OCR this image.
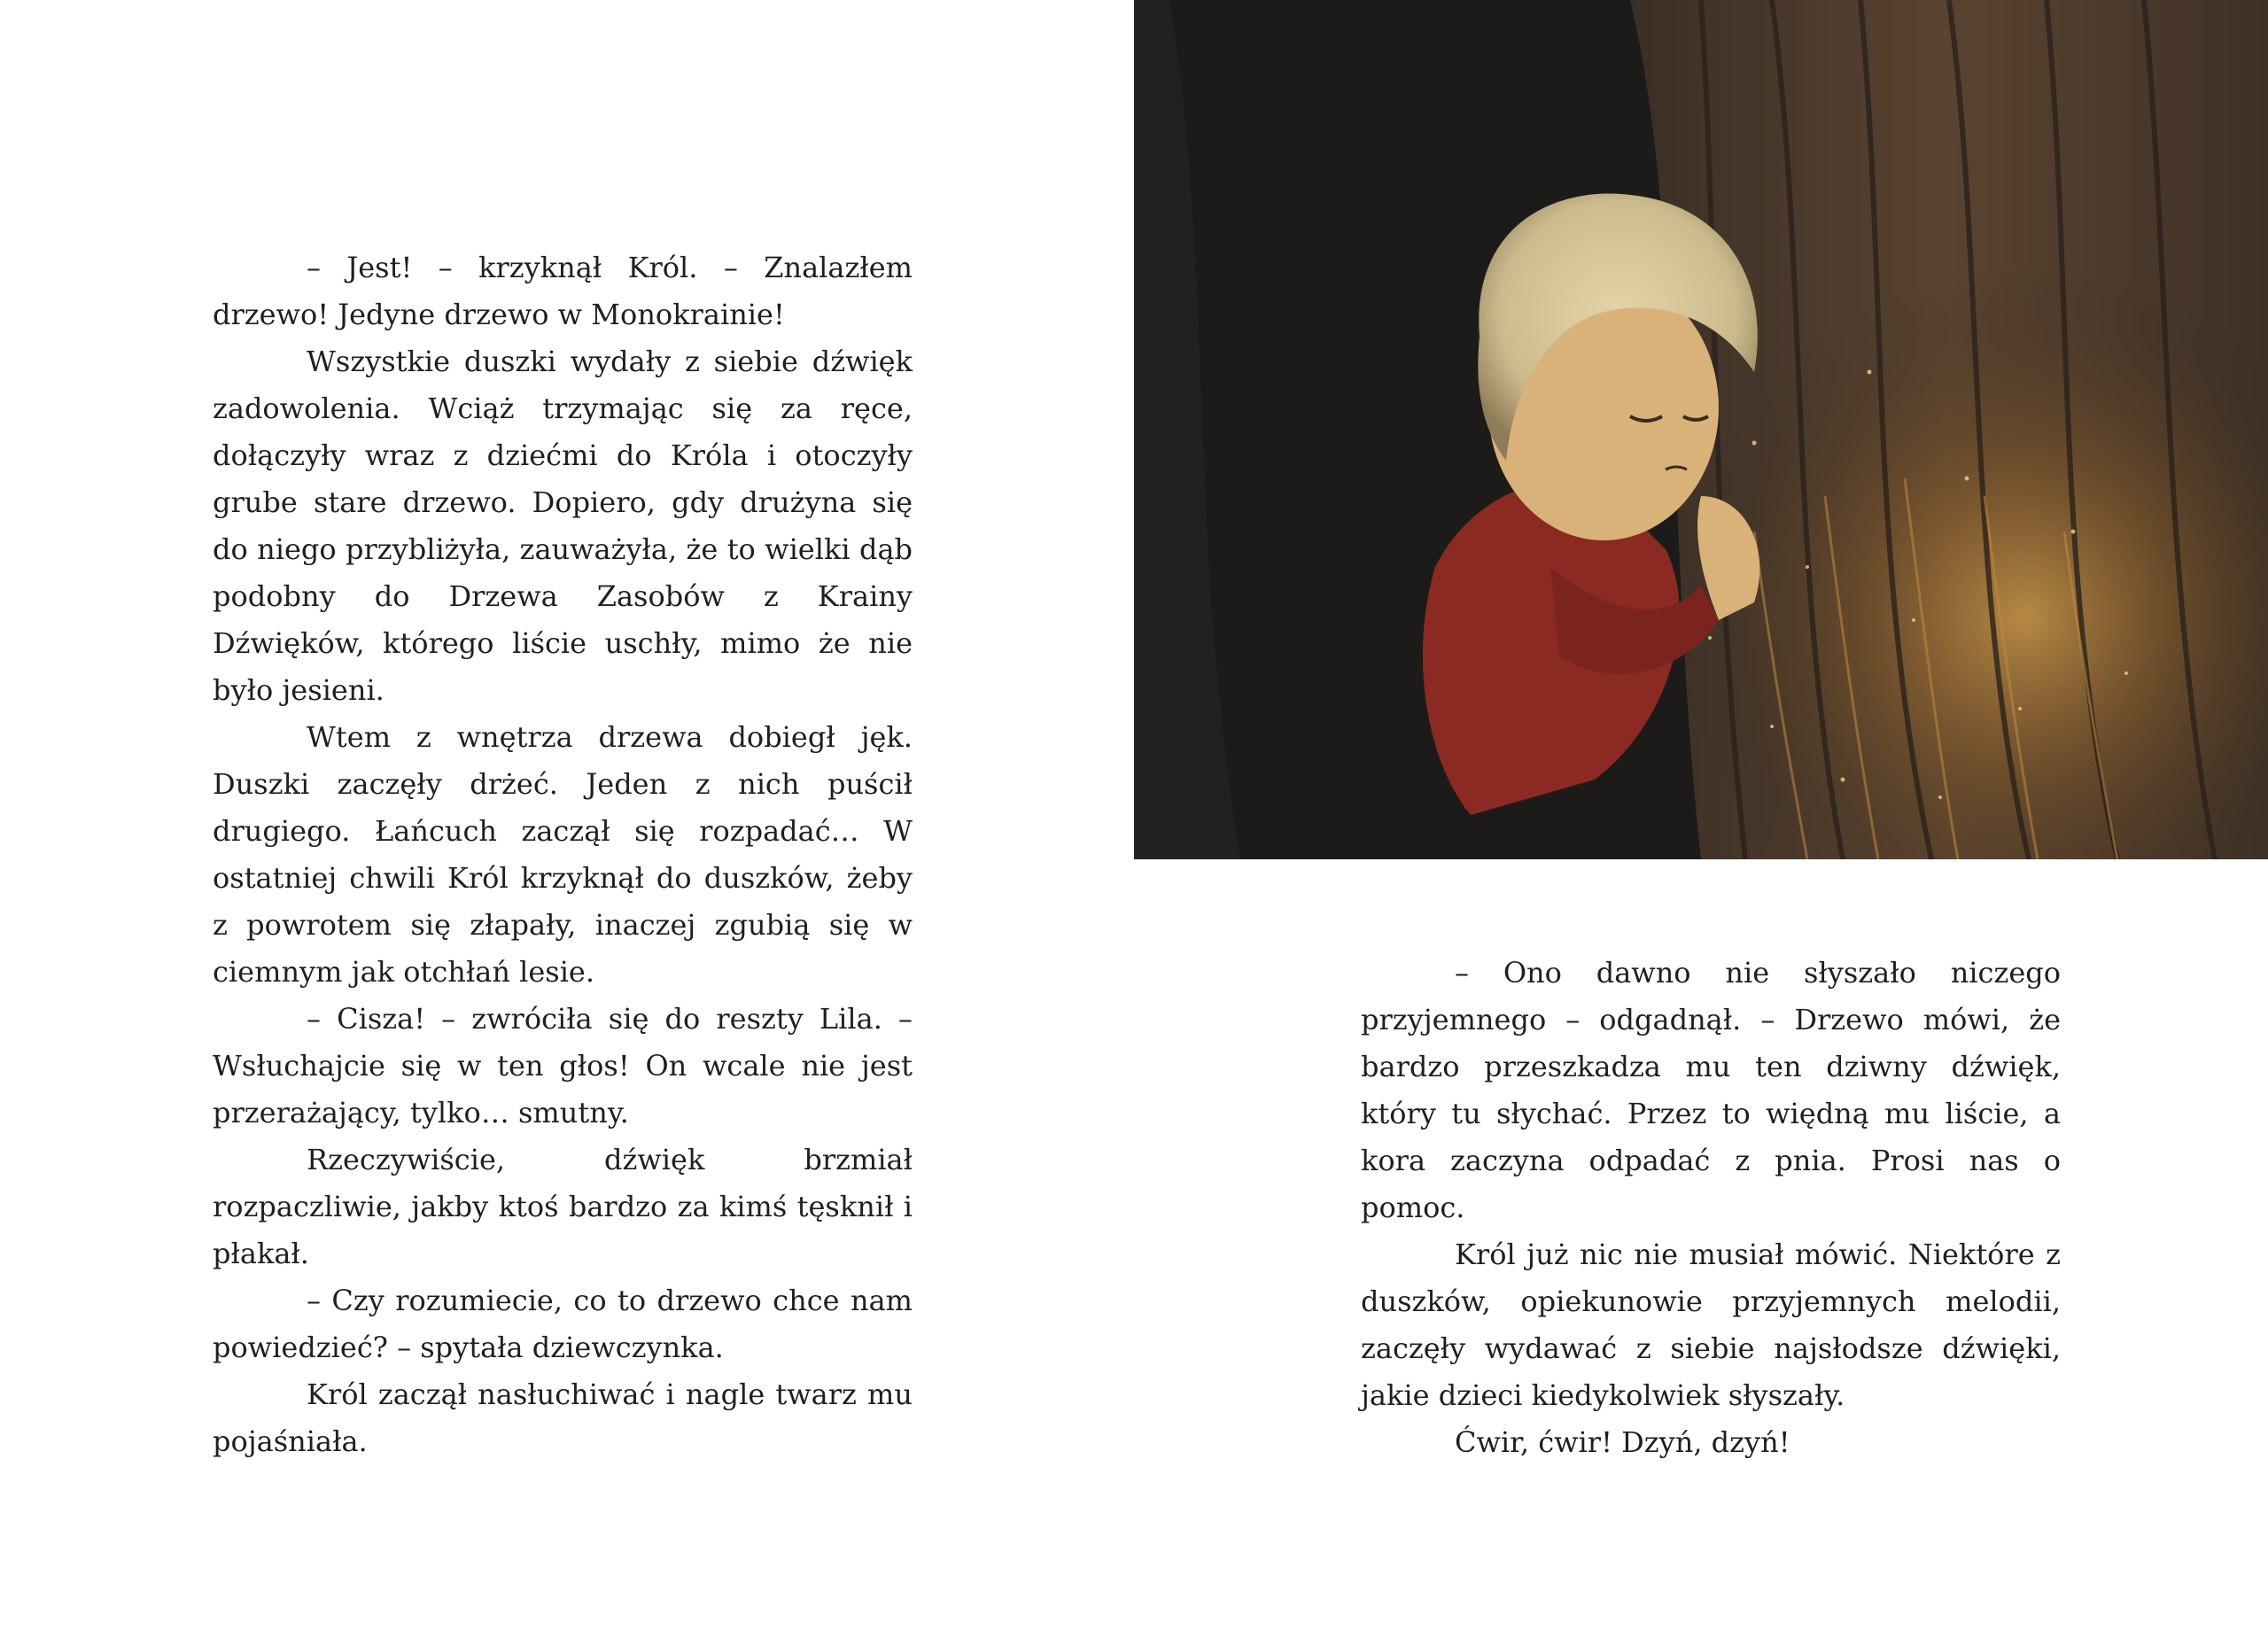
– Jest! – krzyknął Król. – Znalazłem drzewo! Jedyne drzewo w Monokrainie!

Wszystkie duszki wydały z siebie dźwięk zadowolenia. Wciąż trzymając się za ręce, dołączyły wraz z dziećmi do Króla i otoczyły grube stare drzewo. Dopiero, gdy drużyna się do niego przybliżyła, zauważyła, że to wielki dąb podobny do Drzewa Zasobów z Krainy Dźwięków, którego liście uschły, mimo że nie było jesieni.

Wtem z wnętrza drzewa dobiegł jęk. Duszki zaczęły drżeć. Jeden z nich puścił drugiego. Łańcuch zaczął się rozpadać… W ostatniej chwili Król krzyknął do duszków, żeby z powrotem się złapały, inaczej zgubią się w ciemnym jak otchłań lesie.

– Cisza! – zwróciła się do reszty Lila. – Wsłuchajcie się w ten głos! On wcale nie jest przerażający, tylko… smutny.

Rzeczywiście, dźwięk brzmiał rozpaczliwie, jakby ktoś bardzo za kimś tęsknił i płakał.

– Czy rozumiecie, co to drzewo chce nam powiedzieć? – spytała dziewczynka.

Król zaczął nasłuchiwać i nagle twarz mu pojaśniała.

– Ono dawno nie słyszało niczego przyjemnego – odgadnął. – Drzewo mówi, że bardzo przeszkadza mu ten dziwny dźwięk, który tu słychać. Przez to więdną mu liście, a kora zaczyna odpadać z pnia. Prosi nas o pomoc.

Król już nic nie musiał mówić. Niektóre z duszków, opiekunowie przyjemnych melodii, zaczęły wydawać z siebie najsłodsze dźwięki, jakie dzieci kiedykolwiek słyszały.

Ćwir, ćwir! Dzyń, dzyń!
